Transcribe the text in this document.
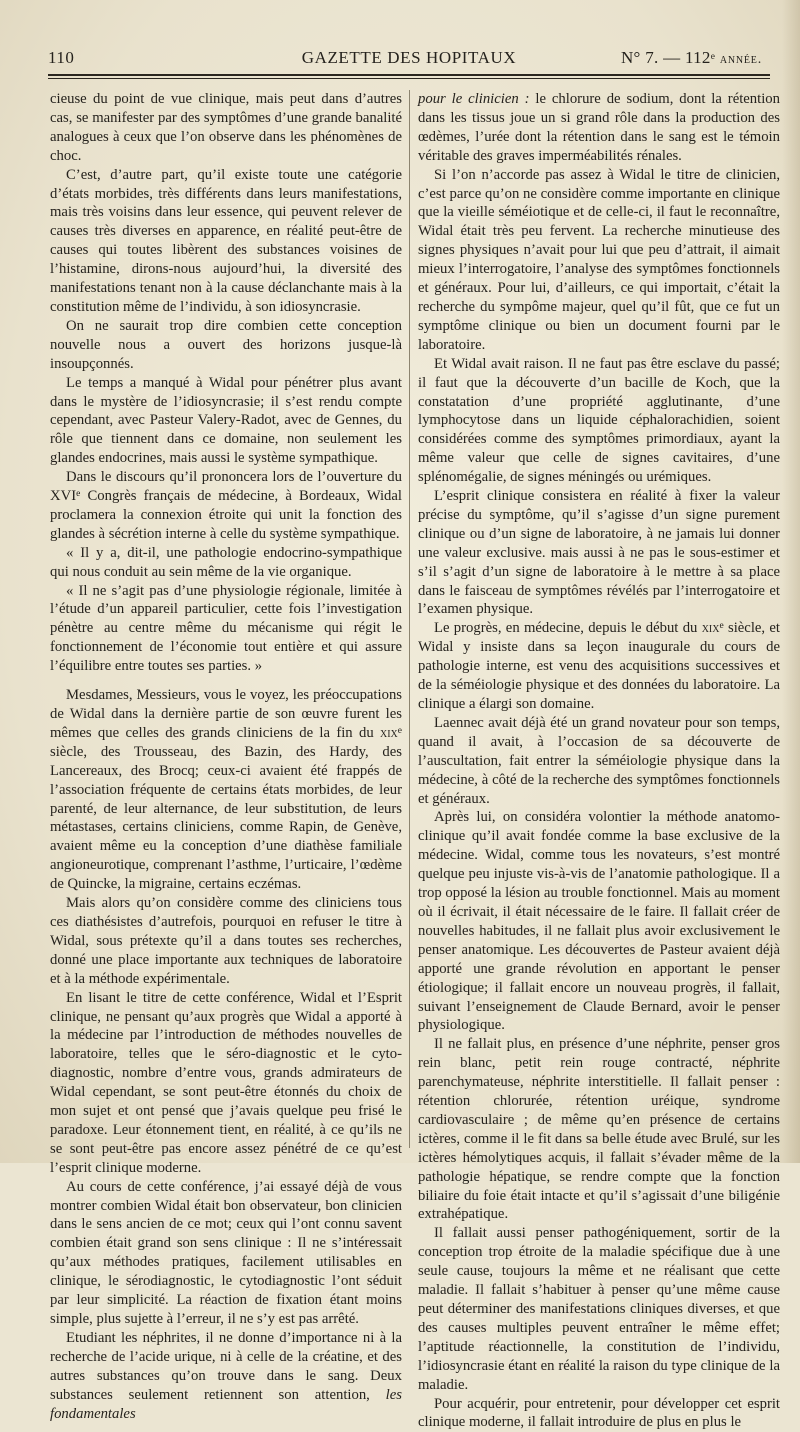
110	GAZETTE DES HOPITAUX	N° 7. — 112e année.

cieuse du point de vue clinique, mais peut dans d’autres cas, se manifester par des symptômes d’une grande banalité analogues à ceux que l’on observe dans les phénomènes de choc.

C’est, d’autre part, qu’il existe toute une catégorie d’états morbides, très différents dans leurs manifestations, mais très voisins dans leur essence, qui peuvent relever de causes très diverses en apparence, en réalité peut-être de causes qui toutes libèrent des substances voisines de l’histamine, dirons-nous aujourd’hui, la diversité des manifestations tenant non à la cause déclanchante mais à la constitution même de l’individu, à son idiosyncrasie.

On ne saurait trop dire combien cette conception nouvelle nous a ouvert des horizons jusque-là insoupçonnés.

Le temps a manqué à Widal pour pénétrer plus avant dans le mystère de l’idiosyncrasie; il s’est rendu compte cependant, avec Pasteur Valery-Radot, avec de Gennes, du rôle que tiennent dans ce domaine, non seulement les glandes endocrines, mais aussi le système sympathique.

Dans le discours qu’il prononcera lors de l’ouverture du XVIe Congrès français de médecine, à Bordeaux, Widal proclamera la connexion étroite qui unit la fonction des glandes à sécrétion interne à celle du système sympathique.

« Il y a, dit-il, une pathologie endocrino-sympathique qui nous conduit au sein même de la vie organique.

« Il ne s’agit pas d’une physiologie régionale, limitée à l’étude d’un appareil particulier, cette fois l’investigation pénètre au centre même du mécanisme qui régit le fonctionnement de l’économie tout entière et qui assure l’équilibre entre toutes ses parties. »

Mesdames, Messieurs, vous le voyez, les préoccupations de Widal dans la dernière partie de son œuvre furent les mêmes que celles des grands cliniciens de la fin du xix$^e$ siècle, des Trousseau, des Bazin, des Hardy, des Lancereaux, des Brocq; ceux-ci avaient été frappés de l’association fréquente de certains états morbides, de leur parenté, de leur alternance, de leur substitution, de leurs métastases, certains cliniciens, comme Rapin, de Genève, avaient même eu la conception d’une diathèse familiale angioneurotique, comprenant l’asthme, l’urticaire, l’œdème de Quincke, la migraine, certains eczémas.

Mais alors qu’on considère comme des cliniciens tous ces diathésistes d’autrefois, pourquoi en refuser le titre à Widal, sous prétexte qu’il a dans toutes ses recherches, donné une place importante aux techniques de laboratoire et à la méthode expérimentale.

En lisant le titre de cette conférence, Widal et l’Esprit clinique, ne pensant qu’aux progrès que Widal a apporté à la médecine par l’introduction de méthodes nouvelles de laboratoire, telles que le séro-diagnostic et le cyto-diagnostic, nombre d’entre vous, grands admirateurs de Widal cependant, se sont peut-être étonnés du choix de mon sujet et ont pensé que j’avais quelque peu frisé le paradoxe. Leur étonnement tient, en réalité, à ce qu’ils ne se sont peut-être pas encore assez pénétré de ce qu’est l’esprit clinique moderne.

Au cours de cette conférence, j’ai essayé déjà de vous montrer combien Widal était bon observateur, bon clinicien dans le sens ancien de ce mot; ceux qui l’ont connu savent combien était grand son sens clinique : Il ne s’intéressait qu’aux méthodes pratiques, facilement utilisables en clinique, le sérodiagnostic, le cytodiagnostic l’ont séduit par leur simplicité. La réaction de fixation étant moins simple, plus sujette à l’erreur, il ne s’y est pas arrêté.

Etudiant les néphrites, il ne donne d’importance ni à la recherche de l’acide urique, ni à celle de la créatine, et des autres substances qu’on trouve dans le sang. Deux substances seulement retiennent son attention, les fondamentales

pour le clinicien : le chlorure de sodium, dont la rétention dans les tissus joue un si grand rôle dans la production des œdèmes, l’urée dont la rétention dans le sang est le témoin véritable des graves imperméabilités rénales.

Si l’on n’accorde pas assez à Widal le titre de clinicien, c’est parce qu’on ne considère comme importante en clinique que la vieille séméiotique et de celle-ci, il faut le reconnaître, Widal était très peu fervent. La recherche minutieuse des signes physiques n’avait pour lui que peu d’attrait, il aimait mieux l’interrogatoire, l’analyse des symptômes fonctionnels et généraux. Pour lui, d’ailleurs, ce qui importait, c’était la recherche du sympôme majeur, quel qu’il fût, que ce fut un symptôme clinique ou bien un document fourni par le laboratoire.

Et Widal avait raison. Il ne faut pas être esclave du passé; il faut que la découverte d’un bacille de Koch, que la constatation d’une propriété agglutinante, d’une lymphocytose dans un liquide céphalorachidien, soient considérées comme des symptômes primordiaux, ayant la même valeur que celle de signes cavitaires, d’une splénomégalie, de signes méningés ou urémiques.

L’esprit clinique consistera en réalité à fixer la valeur précise du symptôme, qu’il s’agisse d’un signe purement clinique ou d’un signe de laboratoire, à ne jamais lui donner une valeur exclusive. mais aussi à ne pas le sous-estimer et s’il s’agit d’un signe de laboratoire à le mettre à sa place dans le faisceau de symptômes révélés par l’interrogatoire et l’examen physique.

Le progrès, en médecine, depuis le début du xix$^e$ siècle, et Widal y insiste dans sa leçon inaugurale du cours de pathologie interne, est venu des acquisitions successives et de la séméiologie physique et des données du laboratoire. La clinique a élargi son domaine.

Laennec avait déjà été un grand novateur pour son temps, quand il avait, à l’occasion de sa découverte de l’auscultation, fait entrer la séméiologie physique dans la médecine, à côté de la recherche des symptômes fonctionnels et généraux.

Après lui, on considéra volontier la méthode anatomo-clinique qu’il avait fondée comme la base exclusive de la médecine. Widal, comme tous les novateurs, s’est montré quelque peu injuste vis-à-vis de l’anatomie pathologique. Il a trop opposé la lésion au trouble fonctionnel. Mais au moment où il écrivait, il était nécessaire de le faire. Il fallait créer de nouvelles habitudes, il ne fallait plus avoir exclusivement le penser anatomique. Les découvertes de Pasteur avaient déjà apporté une grande révolution en apportant le penser étiologique; il fallait encore un nouveau progrès, il fallait, suivant l’enseignement de Claude Bernard, avoir le penser physiologique.

Il ne fallait plus, en présence d’une néphrite, penser gros rein blanc, petit rein rouge contracté, néphrite parenchymateuse, néphrite interstitielle. Il fallait penser : rétention chlorurée, rétention uréique, syndrome cardiovasculaire ; de même qu’en présence de certains ictères, comme il le fit dans sa belle étude avec Brulé, sur les ictères hémolytiques acquis, il fallait s’évader même de la pathologie hépatique, se rendre compte que la fonction biliaire du foie était intacte et qu’il s’agissait d’une biligénie extrahépatique.

Il fallait aussi penser pathogéniquement, sortir de la conception trop étroite de la maladie spécifique due à une seule cause, toujours la même et ne réalisant que cette maladie. Il fallait s’habituer à penser qu’une même cause peut déterminer des manifestations cliniques diverses, et que des causes multiples peuvent entraîner le même effet; l’aptitude réactionnelle, la constitution de l’individu, l’idiosyncrasie étant en réalité la raison du type clinique de la maladie.

Pour acquérir, pour entretenir, pour développer cet esprit clinique moderne, il fallait introduire de plus en plus le
